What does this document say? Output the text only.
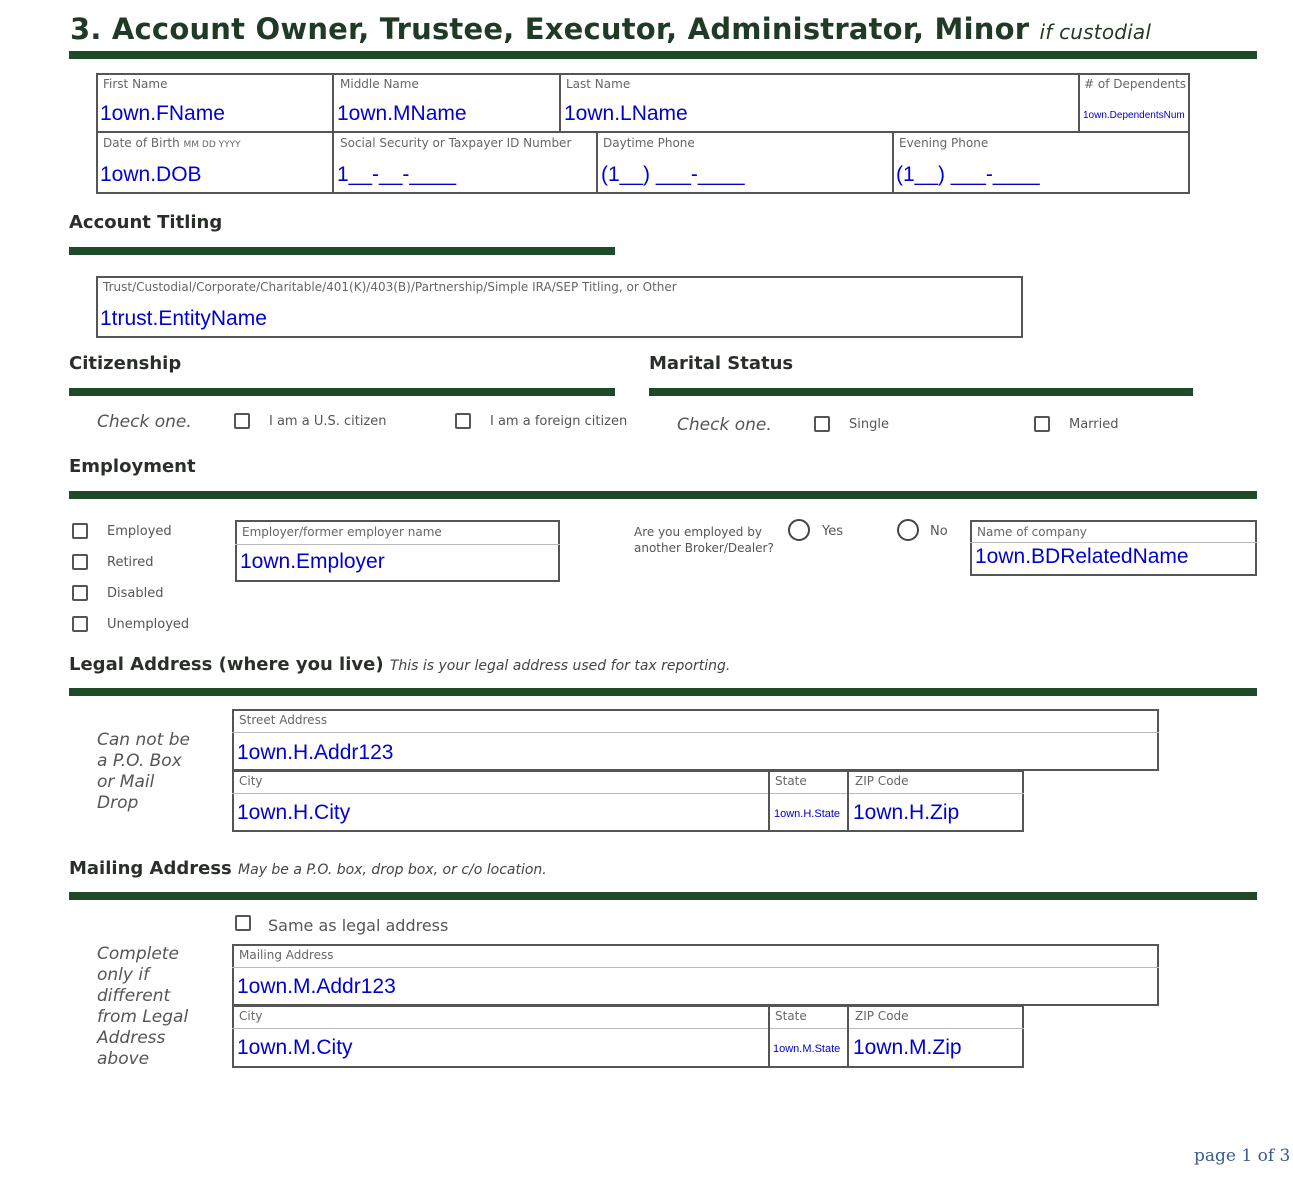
3. Account Owner, Trustee, Executor, Administrator, Minor if custodial
First Name
1own.FName
Middle Name
1own.MName
Last Name
1own.LName
# of Dependents
1own.DependentsNum
Date of Birth MM DD YYYY
1own.DOB
Social Security or Taxpayer ID Number
1__-__-____
Daytime Phone
(1__) ___-____
Evening Phone
(1__) ___-____
Account Titling
Trust/Custodial/Corporate/Charitable/401(K)/403(B)/Partnership/Simple IRA/SEP Titling, or Other
1trust.EntityName
Citizenship
Check one.	I am a U.S. citizen	I am a foreign citizen
Marital Status
Check one.	Single	Married
Employment
Employed
Retired
Disabled
Unemployed
Employer/former employer name
1own.Employer
Are you employed by
another Broker/Dealer?
Yes	No Name of company
1own.BDRelatedName
Legal Address (where you live) This is your legal address used for tax reporting.
Can not be
a P.O. Box
or Mail
Drop
Street Address
1own.H.Addr123
City
1own.H.City
State
1own.H.State
ZIP Code
1own.H.Zip
Mailing Address May be a P.O. box, drop box, or c/o location.
Same as legal address
Complete
only if
different
from Legal
Address
above
Mailing Address
1own.M.Addr123
City
1own.M.City
State
1own.M.State
ZIP Code
1own.M.Zip
page 1 of 3
